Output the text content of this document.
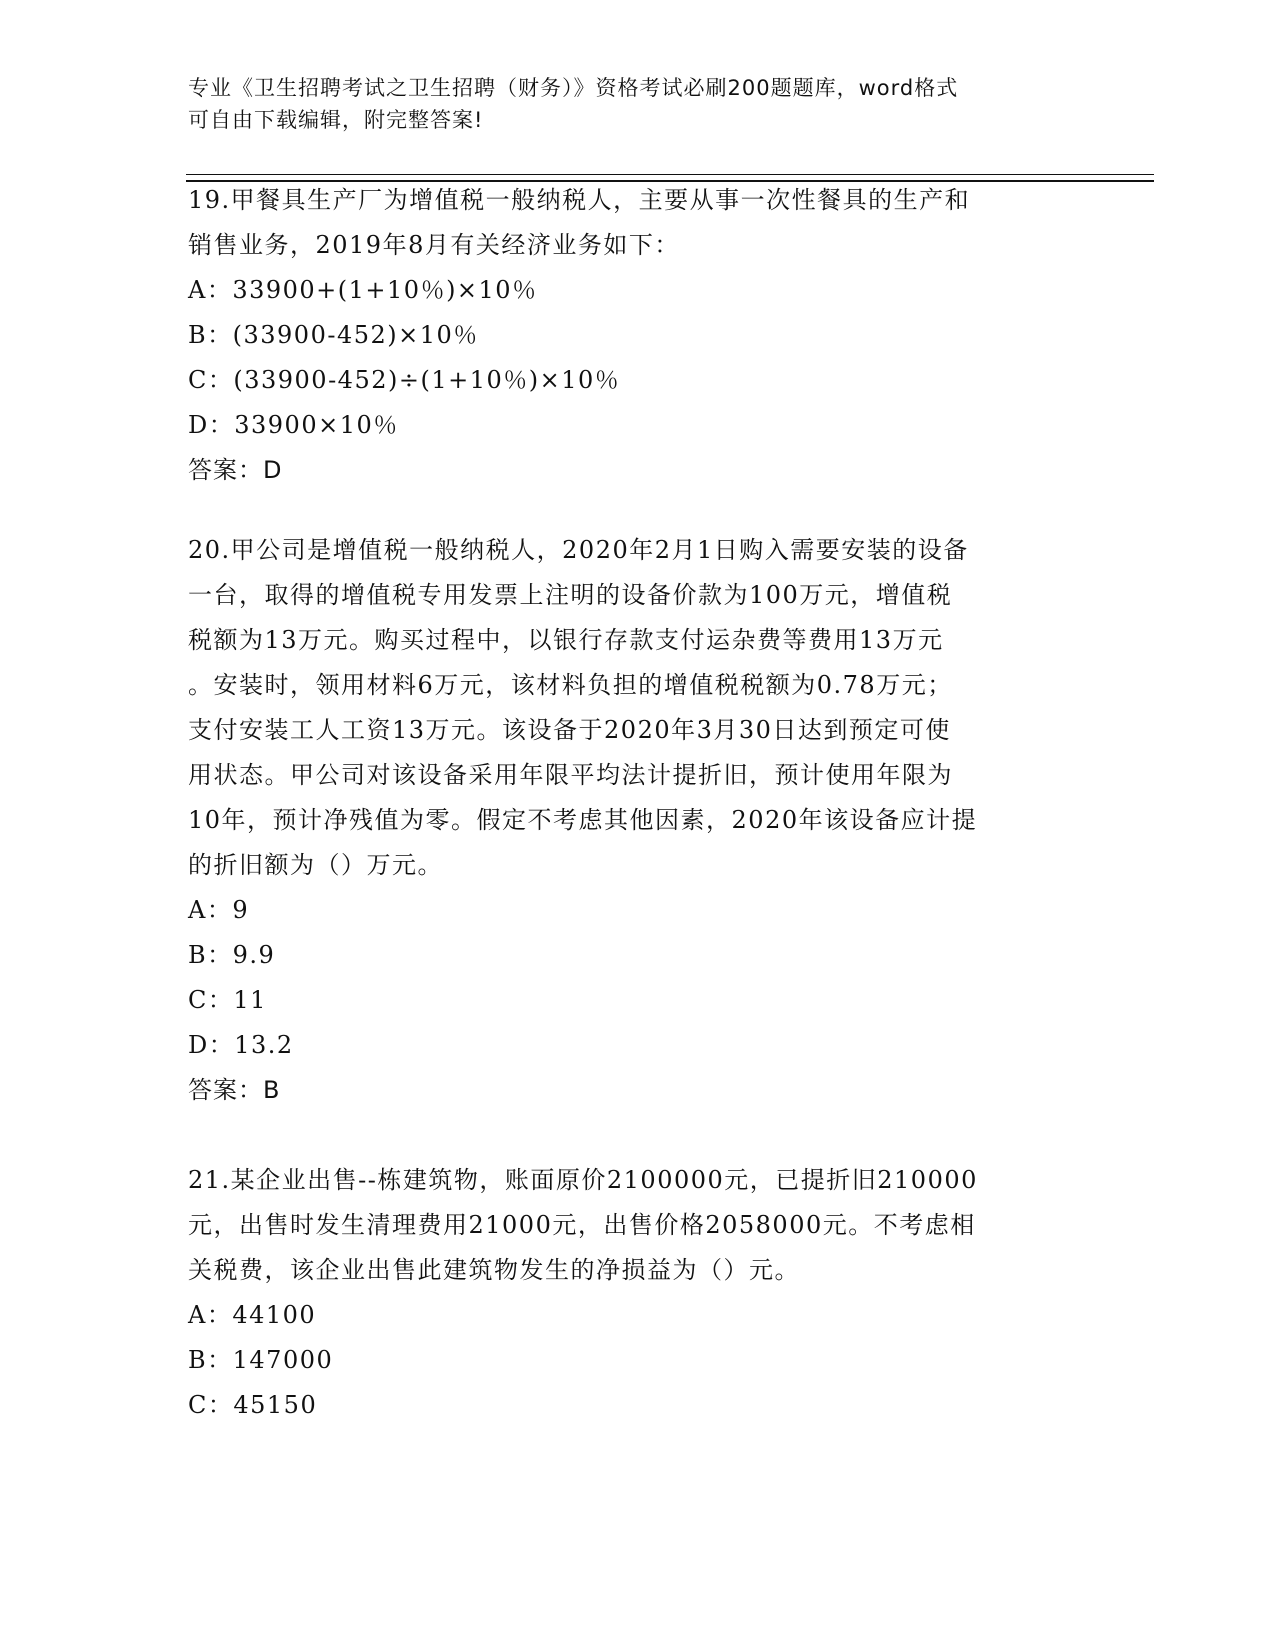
专业《卫生招聘考试之卫生招聘（财务）》资格考试必刷200题题库，word格式
可自由下载编辑，附完整答案!
19.甲餐具生产厂为增值税一般纳税人，主要从事一次性餐具的生产和
销售业务，2019年8月有关经济业务如下：
A：33900+(1+10％)×10％
B：(33900-452)×10％
C：(33900-452)÷(1+10％)×10％
D：33900×10％
答案：D
20.甲公司是增值税一般纳税人，2020年2月1日购入需要安装的设备
一台，取得的增值税专用发票上注明的设备价款为100万元，增值税
税额为13万元。购买过程中，以银行存款支付运杂费等费用13万元
。安装时，领用材料6万元，该材料负担的增值税税额为0.78万元；
支付安装工人工资13万元。该设备于2020年3月30日达到预定可使
用状态。甲公司对该设备采用年限平均法计提折旧，预计使用年限为
10年，预计净残值为零。假定不考虑其他因素，2020年该设备应计提
的折旧额为（）万元。
A：9
B：9.9
C：11
D：13.2
答案：B
21.某企业出售--栋建筑物，账面原价2100000元，已提折旧210000
元，出售时发生清理费用21000元，出售价格2058000元。不考虑相
关税费，该企业出售此建筑物发生的净损益为（）元。
A：44100
B：147000
C：45150
